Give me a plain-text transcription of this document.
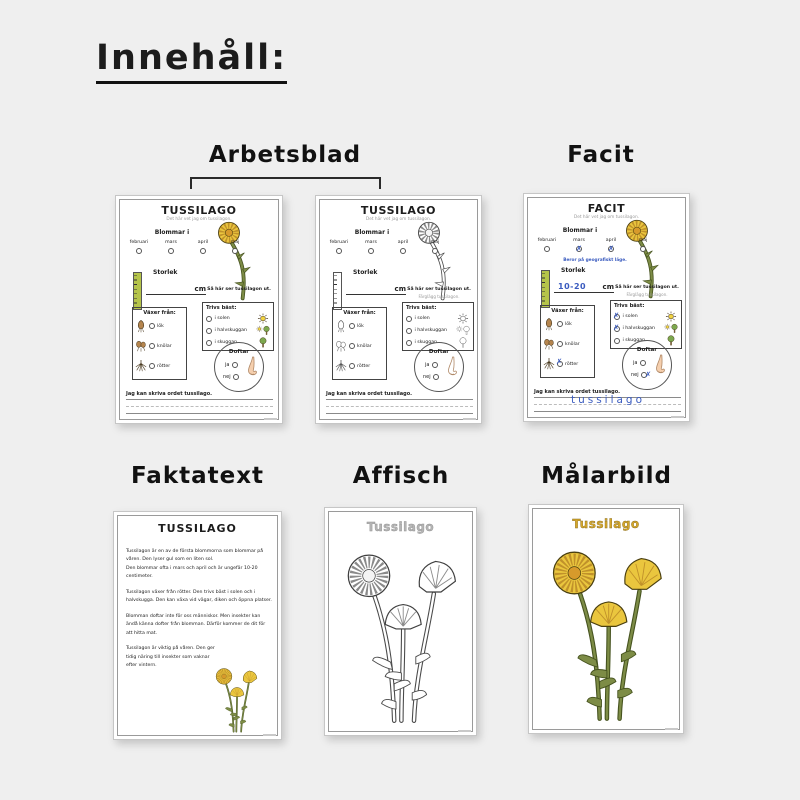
Innehåll:
Arbetsblad	Facit
TUSSILAGO
Det här vet jag om tussilagon.
Blommar i
februari	mars	april	maj
Storlek
cm Så här ser tussilagon ut.
Trivs bäst:
i solen
i halvskuggan
i skuggan
Växer från:
lök
knölar
rötter
Doftar
ja
nej
Jag kan skriva ordet tussilago.
TUSSILAGO
Det här vet jag om tussilagon.
Blommar i
februari	mars	april	maj
Storlek
cm Så här ser tussilagon ut.
Färglägg tussilagon.
Trivs bäst:
i solen
i halvskuggan
i skuggan
Växer från:
lök
knölar
rötter
Doftar
ja
nej
Jag kan skriva ordet tussilago.
FACIT
Det här vet jag om tussilagon.
Blommar i
februari	mars
✗
april
✗
maj
Beror på geografiskt läge.
Storlek
10-20 cm Så här ser tussilagon ut.
Färglägg tussilagon.
Trivs bäst:
i solen
✗
i halvskuggan
✗
i skuggan
Växer från:
lök
knölar
rötter
✗
Doftar
ja
nej ✗
Jag kan skriva ordet tussilago.
tussilago
Faktatext	Affisch	Målarbild
TUSSILAGO

Tussilagon är en av de första blommorna som blommar på våren. Den lyser gul som en liten sol.

Den blommar ofta i mars och april och är ungefär 10-20 centimeter.

Tussilagon växer från rötter. Den trivs bäst i solen och i halvskugga. Den kan växa vid vägar, diken och öppna platser.

Blomman doftar inte för oss människor. Men insekter kan ändå känna dofter från blomman. Därför kommer de dit för att hitta mat.

Tussilagon är viktig på våren. Den ger tidig näring till insekter som vaknar efter vintern.

Tussilago	Tussilago
